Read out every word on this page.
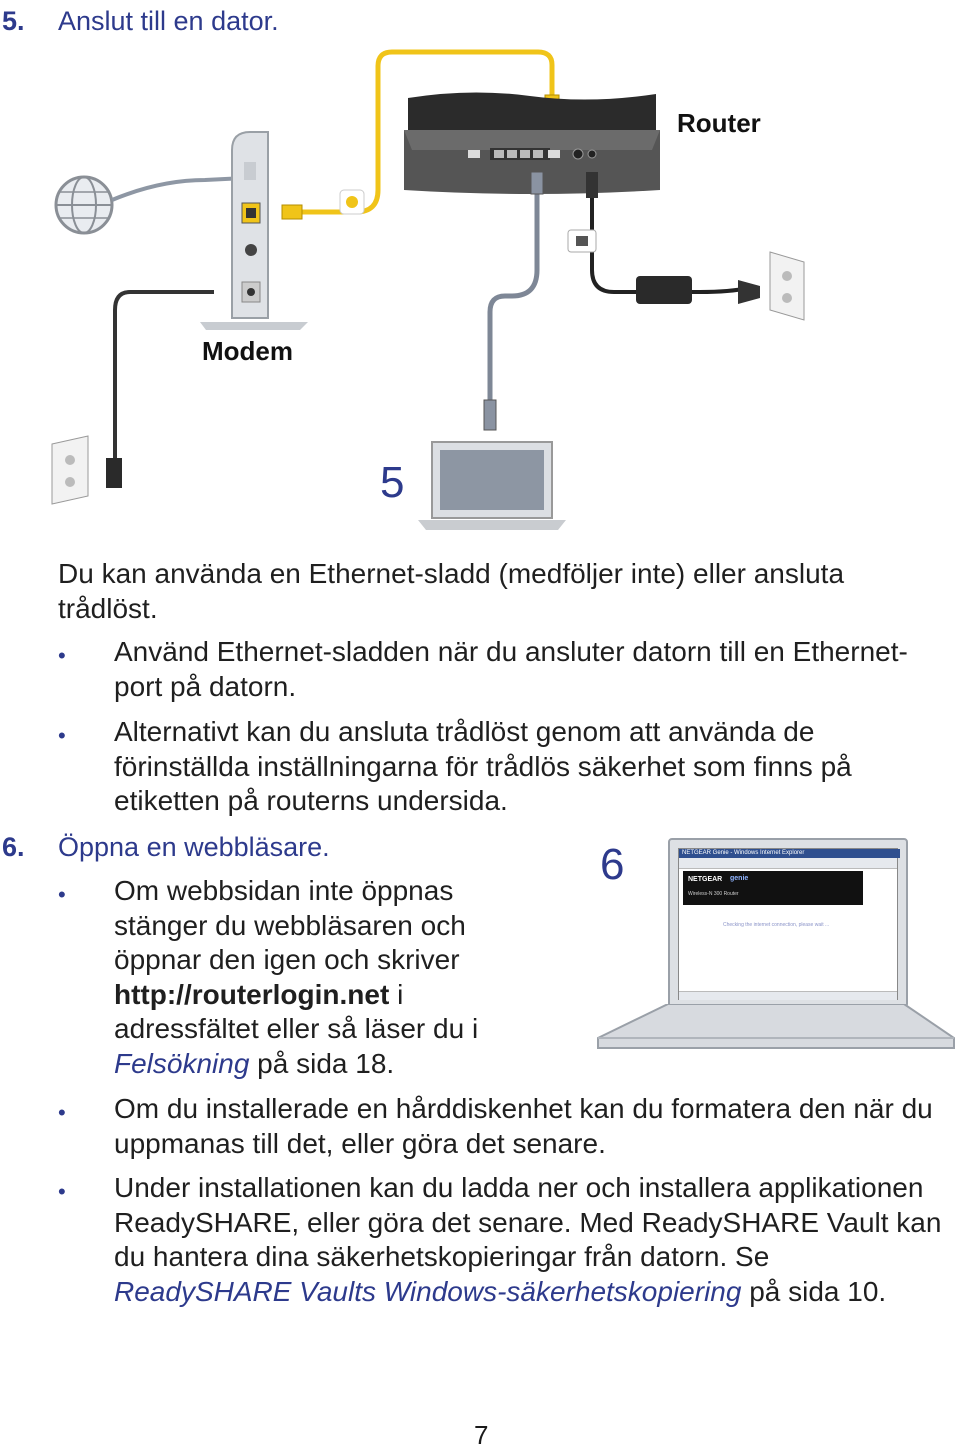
5. Anslut till en dator.
Router
Modem
5
Du kan använda en Ethernet-sladd (medföljer inte) eller ansluta trådlöst.
• Använd Ethernet-sladden när du ansluter datorn till en Ethernet-port på datorn.
• Alternativt kan du ansluta trådlöst genom att använda de förinställda inställningarna för trådlös säkerhet som finns på etiketten på routerns undersida.
6. Öppna en webbläsare.
• Om webbsidan inte öppnas stänger du webbläsaren och öppnar den igen och skriver http://routerlogin.net i adressfältet eller så läser du i Felsökning på sida 18.
6	NETGEAR Genie - Windows Internet Explorer
NETGEAR genie
Wireless-N 300 Router
Checking the internet connection, please wait ...
• Om du installerade en hårddiskenhet kan du formatera den när du uppmanas till det, eller göra det senare.
• Under installationen kan du ladda ner och installera applikationen ReadySHARE, eller göra det senare. Med ReadySHARE Vault kan du hantera dina säkerhetskopieringar från datorn. Se ReadySHARE Vaults Windows-säkerhetskopiering på sida 10.
7
